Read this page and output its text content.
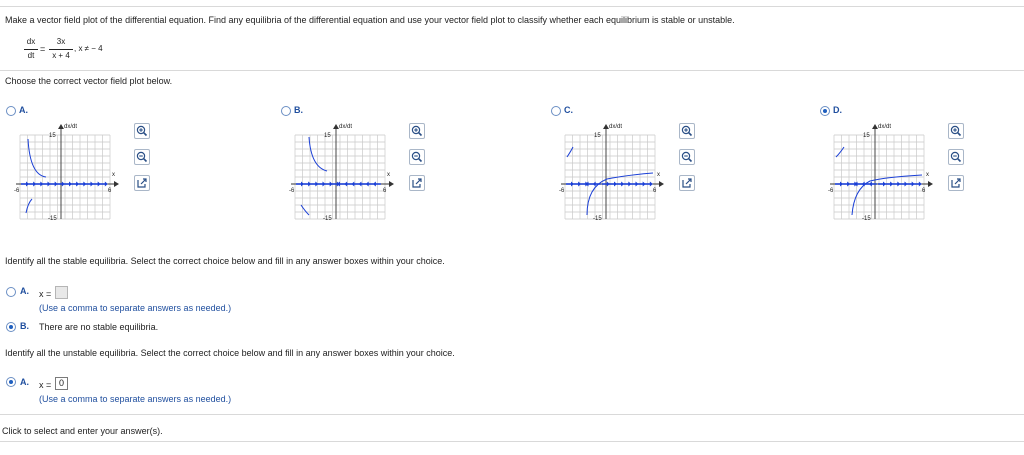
Make a vector field plot of the differential equation. Find any equilibria of the differential equation and use your vector field plot to classify whether each equilibrium is stable or unstable.
dx
dt
=
3x
x + 4
, x ≠ − 4
Choose the correct vector field plot below.
A.
dx/dt
15
-15
-6	6
x
B.
dx/dt
15
-15
-6	6
x
C.
dx/dt
15
-15
-6	6
x
D.
dx/dt
15
-15
-6	6
x
Identify all the stable equilibria. Select the correct choice below and fill in any answer boxes within your choice.
A. x =
(Use a comma to separate answers as needed.)
B. There are no stable equilibria.
Identify all the unstable equilibria. Select the correct choice below and fill in any answer boxes within your choice.
A. x = 0
(Use a comma to separate answers as needed.)
Click to select and enter your answer(s).
